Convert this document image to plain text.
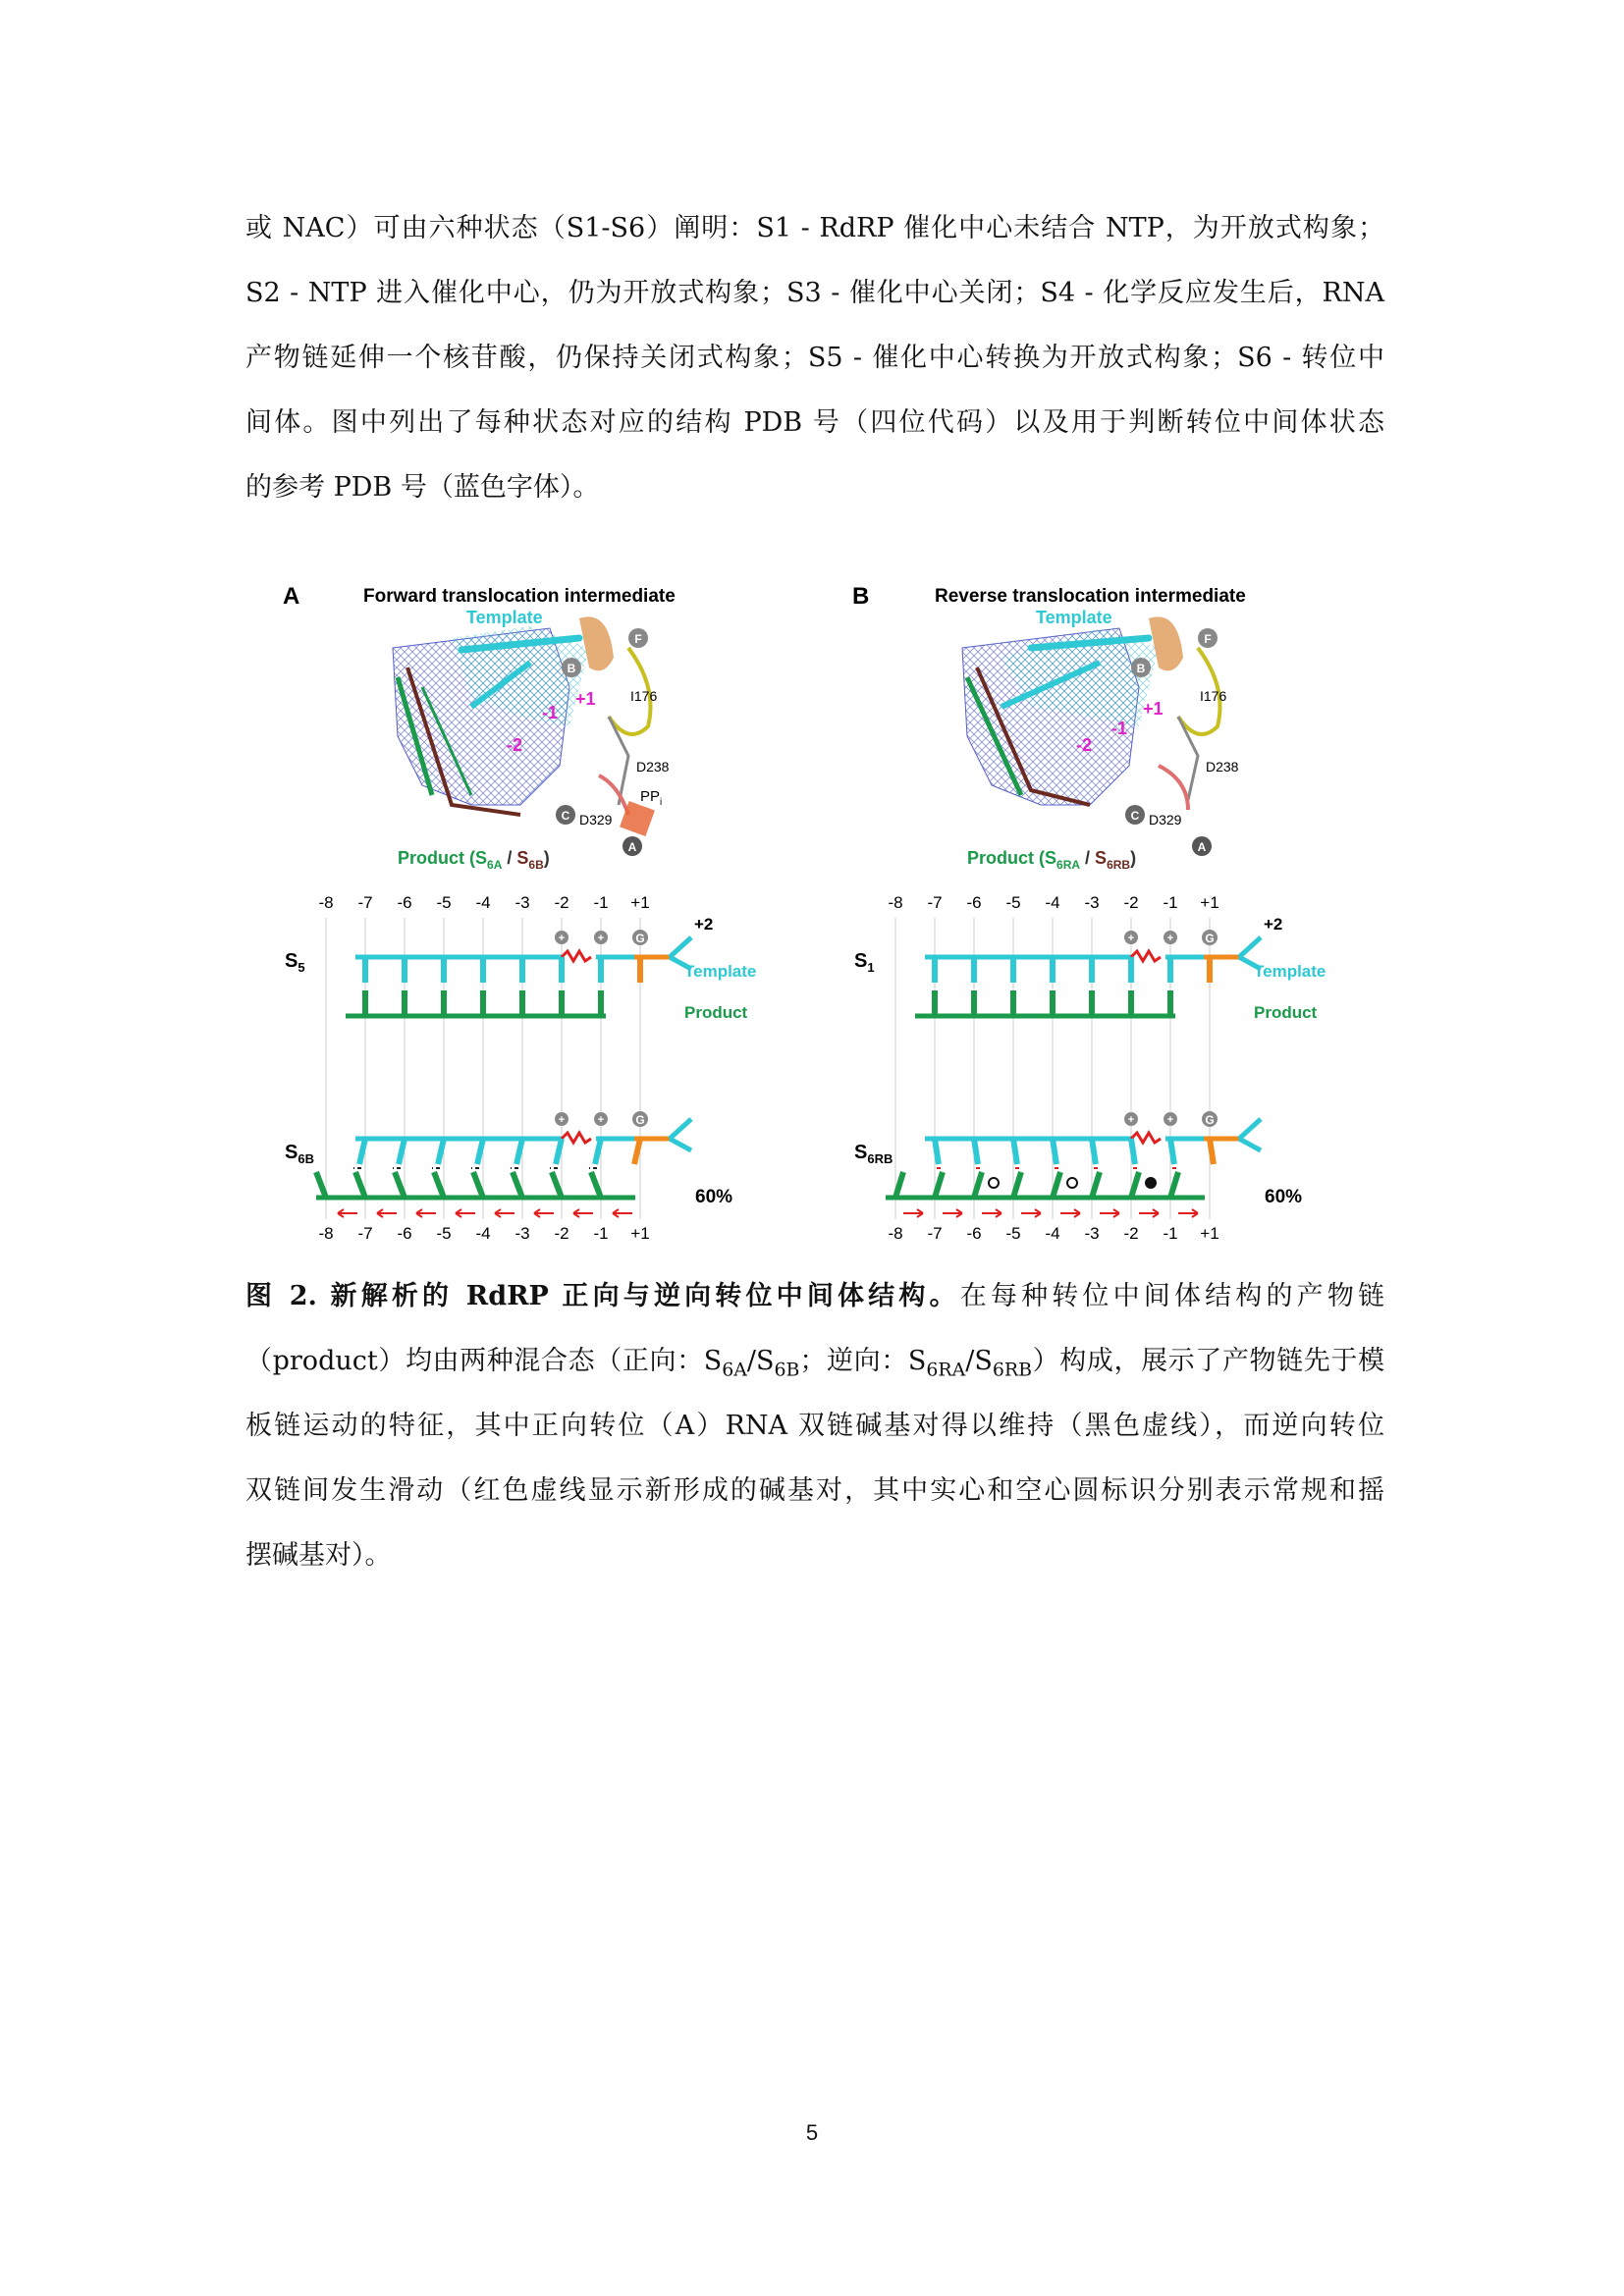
或 NAC）可由六种状态（S1-S6）阐明：S1 - RdRP 催化中心未结合 NTP，为开放式构象；
S2 - NTP 进入催化中心，仍为开放式构象；S3 - 催化中心关闭；S4 - 化学反应发生后，RNA
产物链延伸一个核苷酸，仍保持关闭式构象；S5 - 催化中心转换为开放式构象；S6 - 转位中
间体。图中列出了每种状态对应的结构 PDB 号（四位代码）以及用于判断转位中间体状态
的参考 PDB 号（蓝色字体）。
A	Forward translocation intermediate
Template
F
B
C
A
I176
D238
D329
$PP_i$
-2
-1
+1
Product $(S_{6A} / S_{6B})$
-8 -7 -6 -5 -4 -3 -2 -1 +1
-8 -7 -6 -5 -4 -3 -2 -1 +1
+	+	G
+2
Template
Product
+	+	G
$S_5$
$S_{6B}$
60%
B	Reverse translocation intermediate
Template
F
B
C
A
I176
D238
D329
-2
-1
+1
Product $(S_{6RA} / S_{6RB})$
-8 -7 -6 -5 -4 -3 -2 -1 +1
-8 -7 -6 -5 -4 -3 -2 -1 +1
+	+	G
+2
Template
Product
+	+	G
$S_1$
$S_{6RB}$
60%
图 2. 新解析的 RdRP 正向与逆向转位中间体结构。在每种转位中间体结构的产物链
（product）均由两种混合态（正向：$S_{6A}/S_{6B}$；逆向：$S_{6RA}/S_{6RB}$）构成，展示了产物链先于模
板链运动的特征，其中正向转位（A）RNA 双链碱基对得以维持（黑色虚线），而逆向转位
双链间发生滑动（红色虚线显示新形成的碱基对，其中实心和空心圆标识分别表示常规和摇
摆碱基对）。
5
